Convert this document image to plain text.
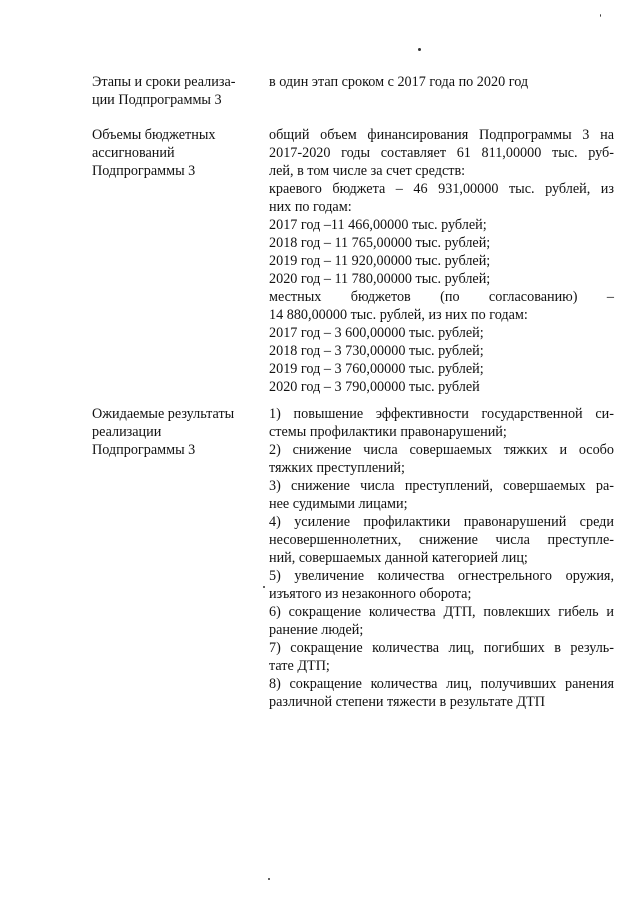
Этапы и сроки реализа-
ции Подпрограммы 3
в один этап сроком с 2017 года по 2020 год
Объемы бюджетных
ассигнований
Подпрограммы 3
общий объем финансирования Подпрограммы 3 на
2017-2020 годы составляет 61 811,00000 тыс. руб-
лей, в том числе за счет средств:
краевого бюджета – 46 931,00000 тыс. рублей, из
них по годам:
2017 год –11 466,00000 тыс. рублей;
2018 год – 11 765,00000 тыс. рублей;
2019 год – 11 920,00000 тыс. рублей;
2020 год – 11 780,00000 тыс. рублей;
местных бюджетов (по согласованию) –
14 880,00000 тыс. рублей, из них по годам:
2017 год – 3 600,00000 тыс. рублей;
2018 год – 3 730,00000 тыс. рублей;
2019 год – 3 760,00000 тыс. рублей;
2020 год – 3 790,00000 тыс. рублей
Ожидаемые результаты
реализации
Подпрограммы 3
1) повышение эффективности государственной си-
стемы профилактики правонарушений;
2) снижение числа совершаемых тяжких и особо
тяжких преступлений;
3) снижение числа преступлений, совершаемых ра-
нее судимыми лицами;
4) усиление профилактики правонарушений среди
несовершеннолетних, снижение числа преступле-
ний, совершаемых данной категорией лиц;
5) увеличение количества огнестрельного оружия,
изъятого из незаконного оборота;
6) сокращение количества ДТП, повлекших гибель и
ранение людей;
7) сокращение количества лиц, погибших в резуль-
тате ДТП;
8) сокращение количества лиц, получивших ранения
различной степени тяжести в результате ДТП
